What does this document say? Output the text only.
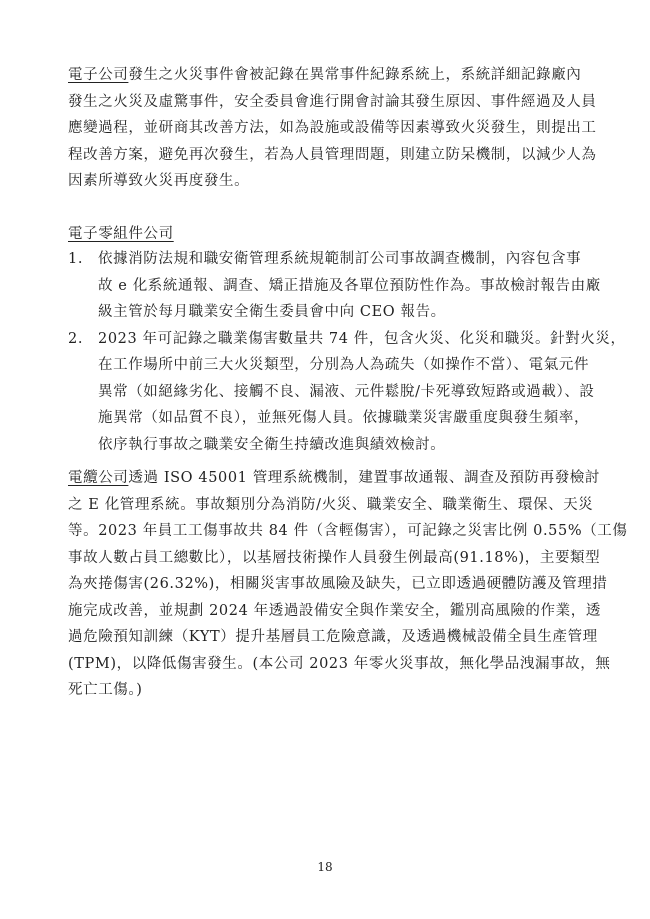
電子公司發生之火災事件會被記錄在異常事件紀錄系統上，系統詳細記錄廠內
發生之火災及虛驚事件，安全委員會進行開會討論其發生原因、事件經過及人員
應變過程，並研商其改善方法，如為設施或設備等因素導致火災發生，則提出工
程改善方案，避免再次發生，若為人員管理問題，則建立防呆機制，以減少人為
因素所導致火災再度發生。
電子零組件公司
1. 依據消防法規和職安衛管理系統規範制訂公司事故調查機制，內容包含事
故 e 化系統通報、調查、矯正措施及各單位預防性作為。事故檢討報告由廠
級主管於每月職業安全衛生委員會中向 CEO 報告。
2. 2023 年可記錄之職業傷害數量共 74 件，包含火災、化災和職災。針對火災，
在工作場所中前三大火災類型，分別為人為疏失（如操作不當）、電氣元件
異常（如絕緣劣化、接觸不良、漏液、元件鬆脫/卡死導致短路或過載）、設
施異常（如品質不良），並無死傷人員。依據職業災害嚴重度與發生頻率，
依序執行事故之職業安全衛生持續改進與績效檢討。
電纜公司透過 ISO 45001 管理系統機制，建置事故通報、調查及預防再發檢討
之 E 化管理系統。事故類別分為消防/火災、職業安全、職業衛生、環保、天災
等。2023 年員工工傷事故共 84 件（含輕傷害），可記錄之災害比例 0.55%（工傷
事故人數占員工總數比），以基層技術操作人員發生例最高(91.18%)，主要類型
為夾捲傷害(26.32%)，相關災害事故風險及缺失，已立即透過硬體防護及管理措
施完成改善，並規劃 2024 年透過設備安全與作業安全，鑑別高風險的作業，透
過危險預知訓練（KYT）提升基層員工危險意識，及透過機械設備全員生產管理
(TPM)，以降低傷害發生。(本公司 2023 年零火災事故，無化學品洩漏事故，無
死亡工傷。)
18
